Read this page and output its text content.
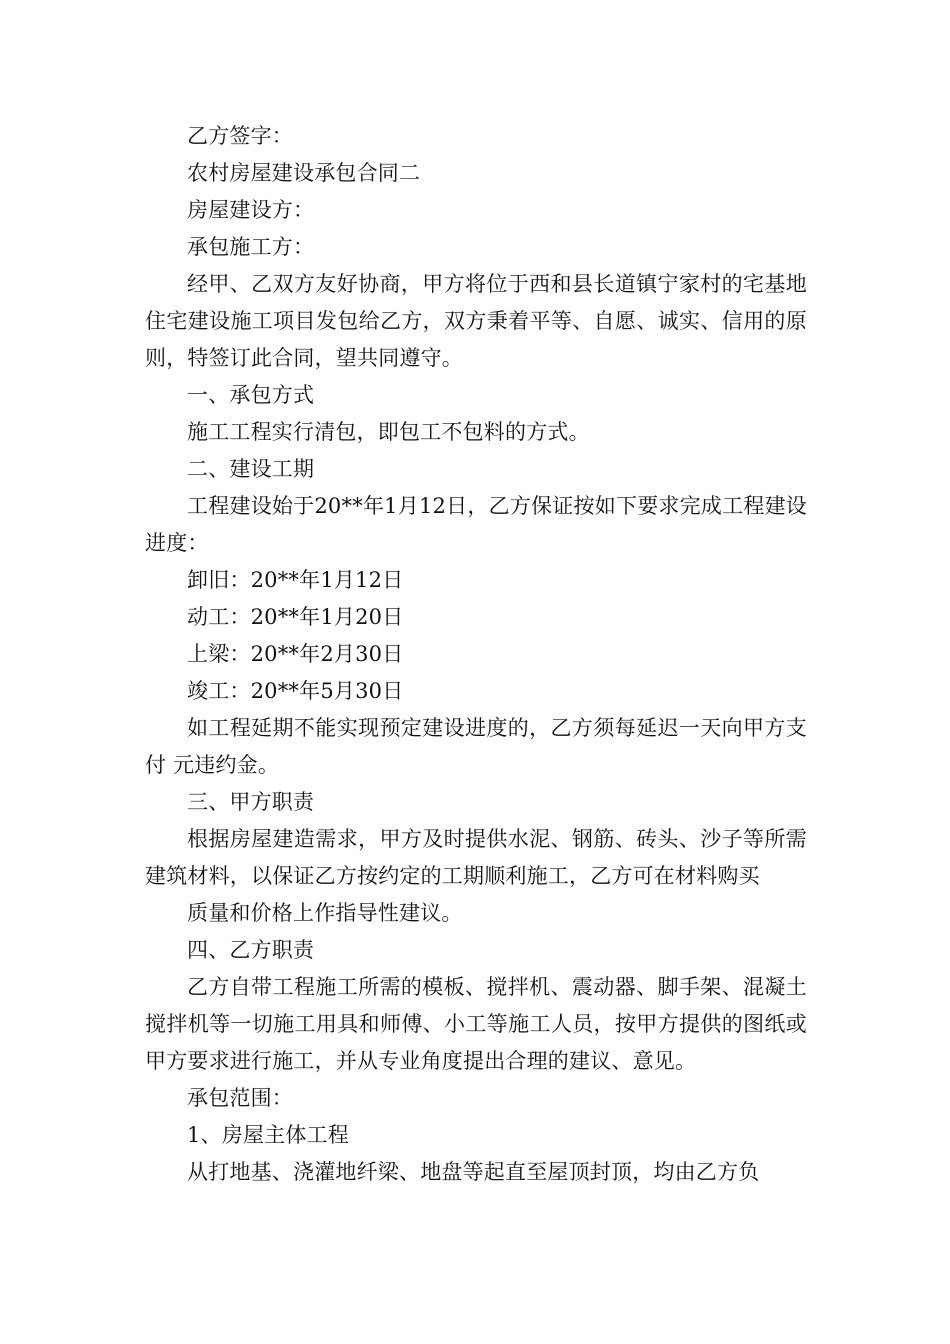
乙方签字：

农村房屋建设承包合同二

房屋建设方：

承包施工方：

经甲、乙双方友好协商，甲方将位于西和县长道镇宁家村的宅基地住宅建设施工项目发包给乙方，双方秉着平等、自愿、诚实、信用的原则，特签订此合同，望共同遵守。

一、承包方式

施工工程实行清包，即包工不包料的方式。

二、建设工期

工程建设始于20**年1月12日，乙方保证按如下要求完成工程建设进度：

卸旧：20**年1月12日

动工：20**年1月20日

上梁：20**年2月30日

竣工：20**年5月30日

如工程延期不能实现预定建设进度的，乙方须每延迟一天向甲方支付 元违约金。

三、甲方职责

根据房屋建造需求，甲方及时提供水泥、钢筋、砖头、沙子等所需建筑材料，以保证乙方按约定的工期顺利施工，乙方可在材料购买

质量和价格上作指导性建议。

四、乙方职责

乙方自带工程施工所需的模板、搅拌机、震动器、脚手架、混凝土搅拌机等一切施工用具和师傅、小工等施工人员，按甲方提供的图纸或甲方要求进行施工，并从专业角度提出合理的建议、意见。

承包范围：

1、房屋主体工程

从打地基、浇灌地纤梁、地盘等起直至屋顶封顶，均由乙方负
